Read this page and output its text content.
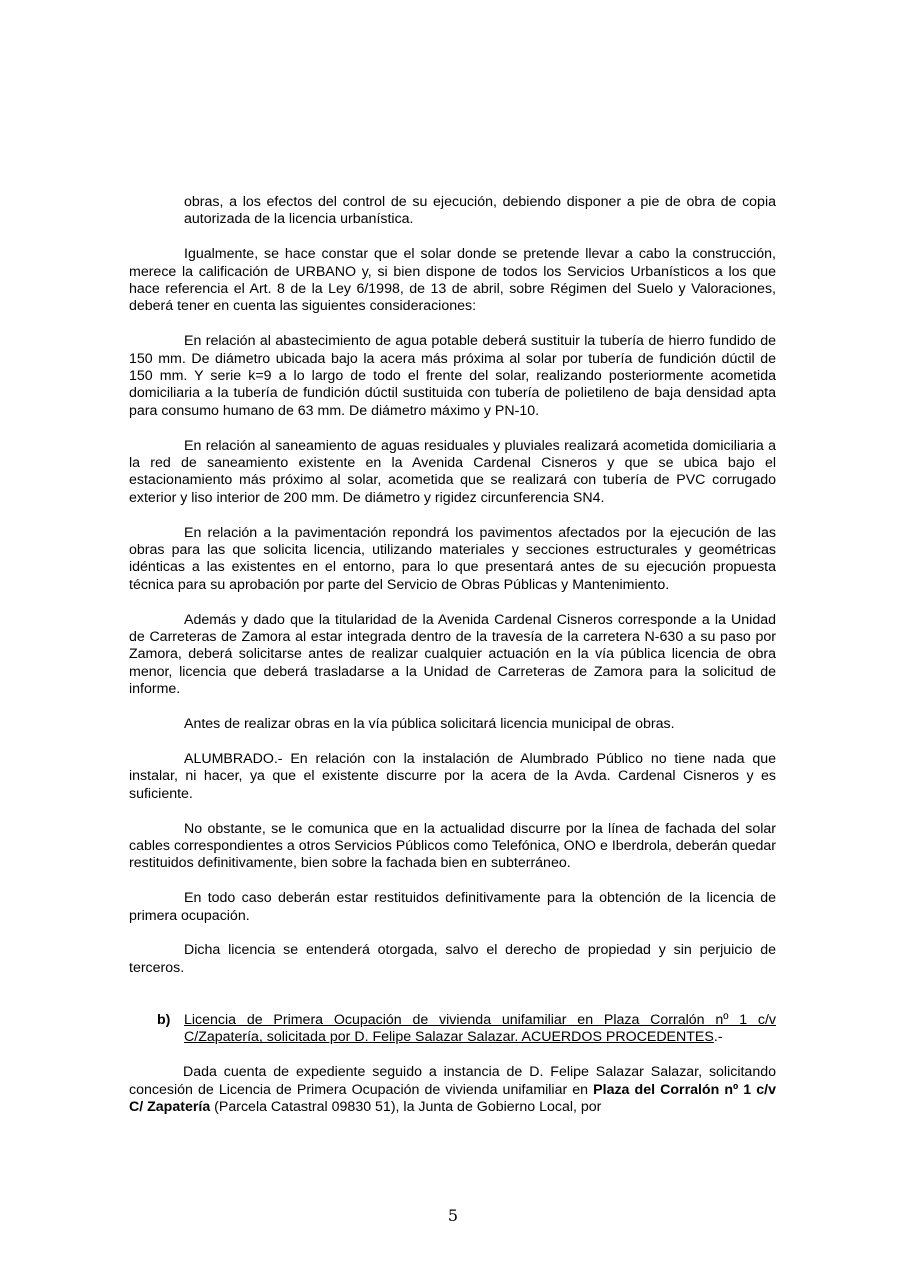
obras, a los efectos del control de su ejecución, debiendo disponer a pie de obra de copia autorizada de la licencia urbanística.

Igualmente, se hace constar que el solar donde se pretende llevar a cabo la construcción, merece la calificación de URBANO y, si bien dispone de todos los Servicios Urbanísticos a los que hace referencia el Art. 8 de la Ley 6/1998, de 13 de abril, sobre Régimen del Suelo y Valoraciones, deberá tener en cuenta las siguientes consideraciones:

En relación al abastecimiento de agua potable deberá sustituir la tubería de hierro fundido de 150 mm. De diámetro ubicada bajo la acera más próxima al solar por tubería de fundición dúctil de 150 mm. Y serie k=9 a lo largo de todo el frente del solar, realizando posteriormente acometida domiciliaria a la tubería de fundición dúctil sustituida con tubería de polietileno de baja densidad apta para consumo humano de 63 mm. De diámetro máximo y PN-10.

En relación al saneamiento de aguas residuales y pluviales realizará acometida domiciliaria a la red de saneamiento existente en la Avenida Cardenal Cisneros y que se ubica bajo el estacionamiento más próximo al solar, acometida que se realizará con tubería de PVC corrugado exterior y liso interior de 200 mm. De diámetro y rigidez circunferencia SN4.

En relación a la pavimentación repondrá los pavimentos afectados por la ejecución de las obras para las que solicita licencia, utilizando materiales y secciones estructurales y geométricas idénticas a las existentes en el entorno, para lo que presentará antes de su ejecución propuesta técnica para su aprobación por parte del Servicio de Obras Públicas y Mantenimiento.

Además y dado que la titularidad de la Avenida Cardenal Cisneros corresponde a la Unidad de Carreteras de Zamora al estar integrada dentro de la travesía de la carretera N-630 a su paso por Zamora, deberá solicitarse antes de realizar cualquier actuación en la vía pública licencia de obra menor, licencia que deberá trasladarse a la Unidad de Carreteras de Zamora para la solicitud de informe.

Antes de realizar obras en la vía pública solicitará licencia municipal de obras.

ALUMBRADO.- En relación con la instalación de Alumbrado Público no tiene nada que instalar, ni hacer, ya que el existente discurre por la acera de la Avda. Cardenal Cisneros y es suficiente.

No obstante, se le comunica que en la actualidad discurre por la línea de fachada del solar cables correspondientes a otros Servicios Públicos como Telefónica, ONO e Iberdrola, deberán quedar restituidos definitivamente, bien sobre la fachada bien en subterráneo.

En todo caso deberán estar restituidos definitivamente para la obtención de la licencia de primera ocupación.

Dicha licencia se entenderá otorgada, salvo el derecho de propiedad y sin perjuicio de terceros.

b) Licencia de Primera Ocupación de vivienda unifamiliar en Plaza Corralón nº 1 c/v C/Zapatería, solicitada por D. Felipe Salazar Salazar. ACUERDOS PROCEDENTES.-

Dada cuenta de expediente seguido a instancia de D. Felipe Salazar Salazar, solicitando concesión de Licencia de Primera Ocupación de vivienda unifamiliar en Plaza del Corralón nº 1 c/v C/ Zapatería (Parcela Catastral 09830 51), la Junta de Gobierno Local, por

5
